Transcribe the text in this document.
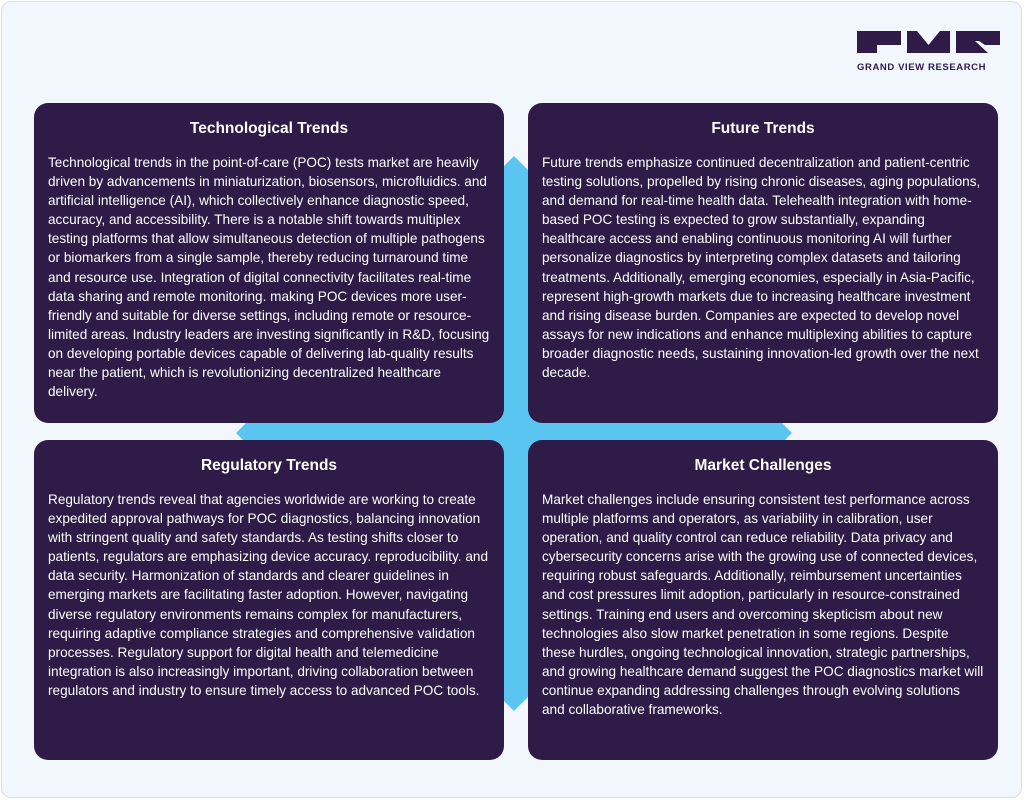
GRAND VIEW RESEARCH
Technological Trends

Technological trends in the point-of-care (POC) tests market are heavily driven by advancements in miniaturization, biosensors, microfluidics. and artificial intelligence (AI), which collectively enhance diagnostic speed, accuracy, and accessibility. There is a notable shift towards multiplex testing platforms that allow simultaneous detection of multiple pathogens or biomarkers from a single sample, thereby reducing turnaround time and resource use. Integration of digital connectivity facilitates real-time data sharing and remote monitoring. making POC devices more user-friendly and suitable for diverse settings, including remote or resource-limited areas. Industry leaders are investing significantly in R&D, focusing on developing portable devices capable of delivering lab-quality results near the patient, which is revolutionizing decentralized healthcare delivery.

Future Trends

Future trends emphasize continued decentralization and patient-centric testing solutions, propelled by rising chronic diseases, aging populations, and demand for real-time health data. Telehealth integration with home-based POC testing is expected to grow substantially, expanding healthcare access and enabling continuous monitoring AI will further personalize diagnostics by interpreting complex datasets and tailoring treatments. Additionally, emerging economies, especially in Asia-Pacific, represent high-growth markets due to increasing healthcare investment and rising disease burden. Companies are expected to develop novel assays for new indications and enhance multiplexing abilities to capture broader diagnostic needs, sustaining innovation-led growth over the next decade.

Regulatory Trends

Regulatory trends reveal that agencies worldwide are working to create expedited approval pathways for POC diagnostics, balancing innovation with stringent quality and safety standards. As testing shifts closer to patients, regulators are emphasizing device accuracy. reproducibility. and data security. Harmonization of standards and clearer guidelines in emerging markets are facilitating faster adoption. However, navigating diverse regulatory environments remains complex for manufacturers, requiring adaptive compliance strategies and comprehensive validation processes. Regulatory support for digital health and telemedicine integration is also increasingly important, driving collaboration between regulators and industry to ensure timely access to advanced POC tools.

Market Challenges

Market challenges include ensuring consistent test performance across multiple platforms and operators, as variability in calibration, user operation, and quality control can reduce reliability. Data privacy and cybersecurity concerns arise with the growing use of connected devices, requiring robust safeguards. Additionally, reimbursement uncertainties and cost pressures limit adoption, particularly in resource-constrained settings. Training end users and overcoming skepticism about new technologies also slow market penetration in some regions. Despite these hurdles, ongoing technological innovation, strategic partnerships, and growing healthcare demand suggest the POC diagnostics market will continue expanding addressing challenges through evolving solutions and collaborative frameworks.
